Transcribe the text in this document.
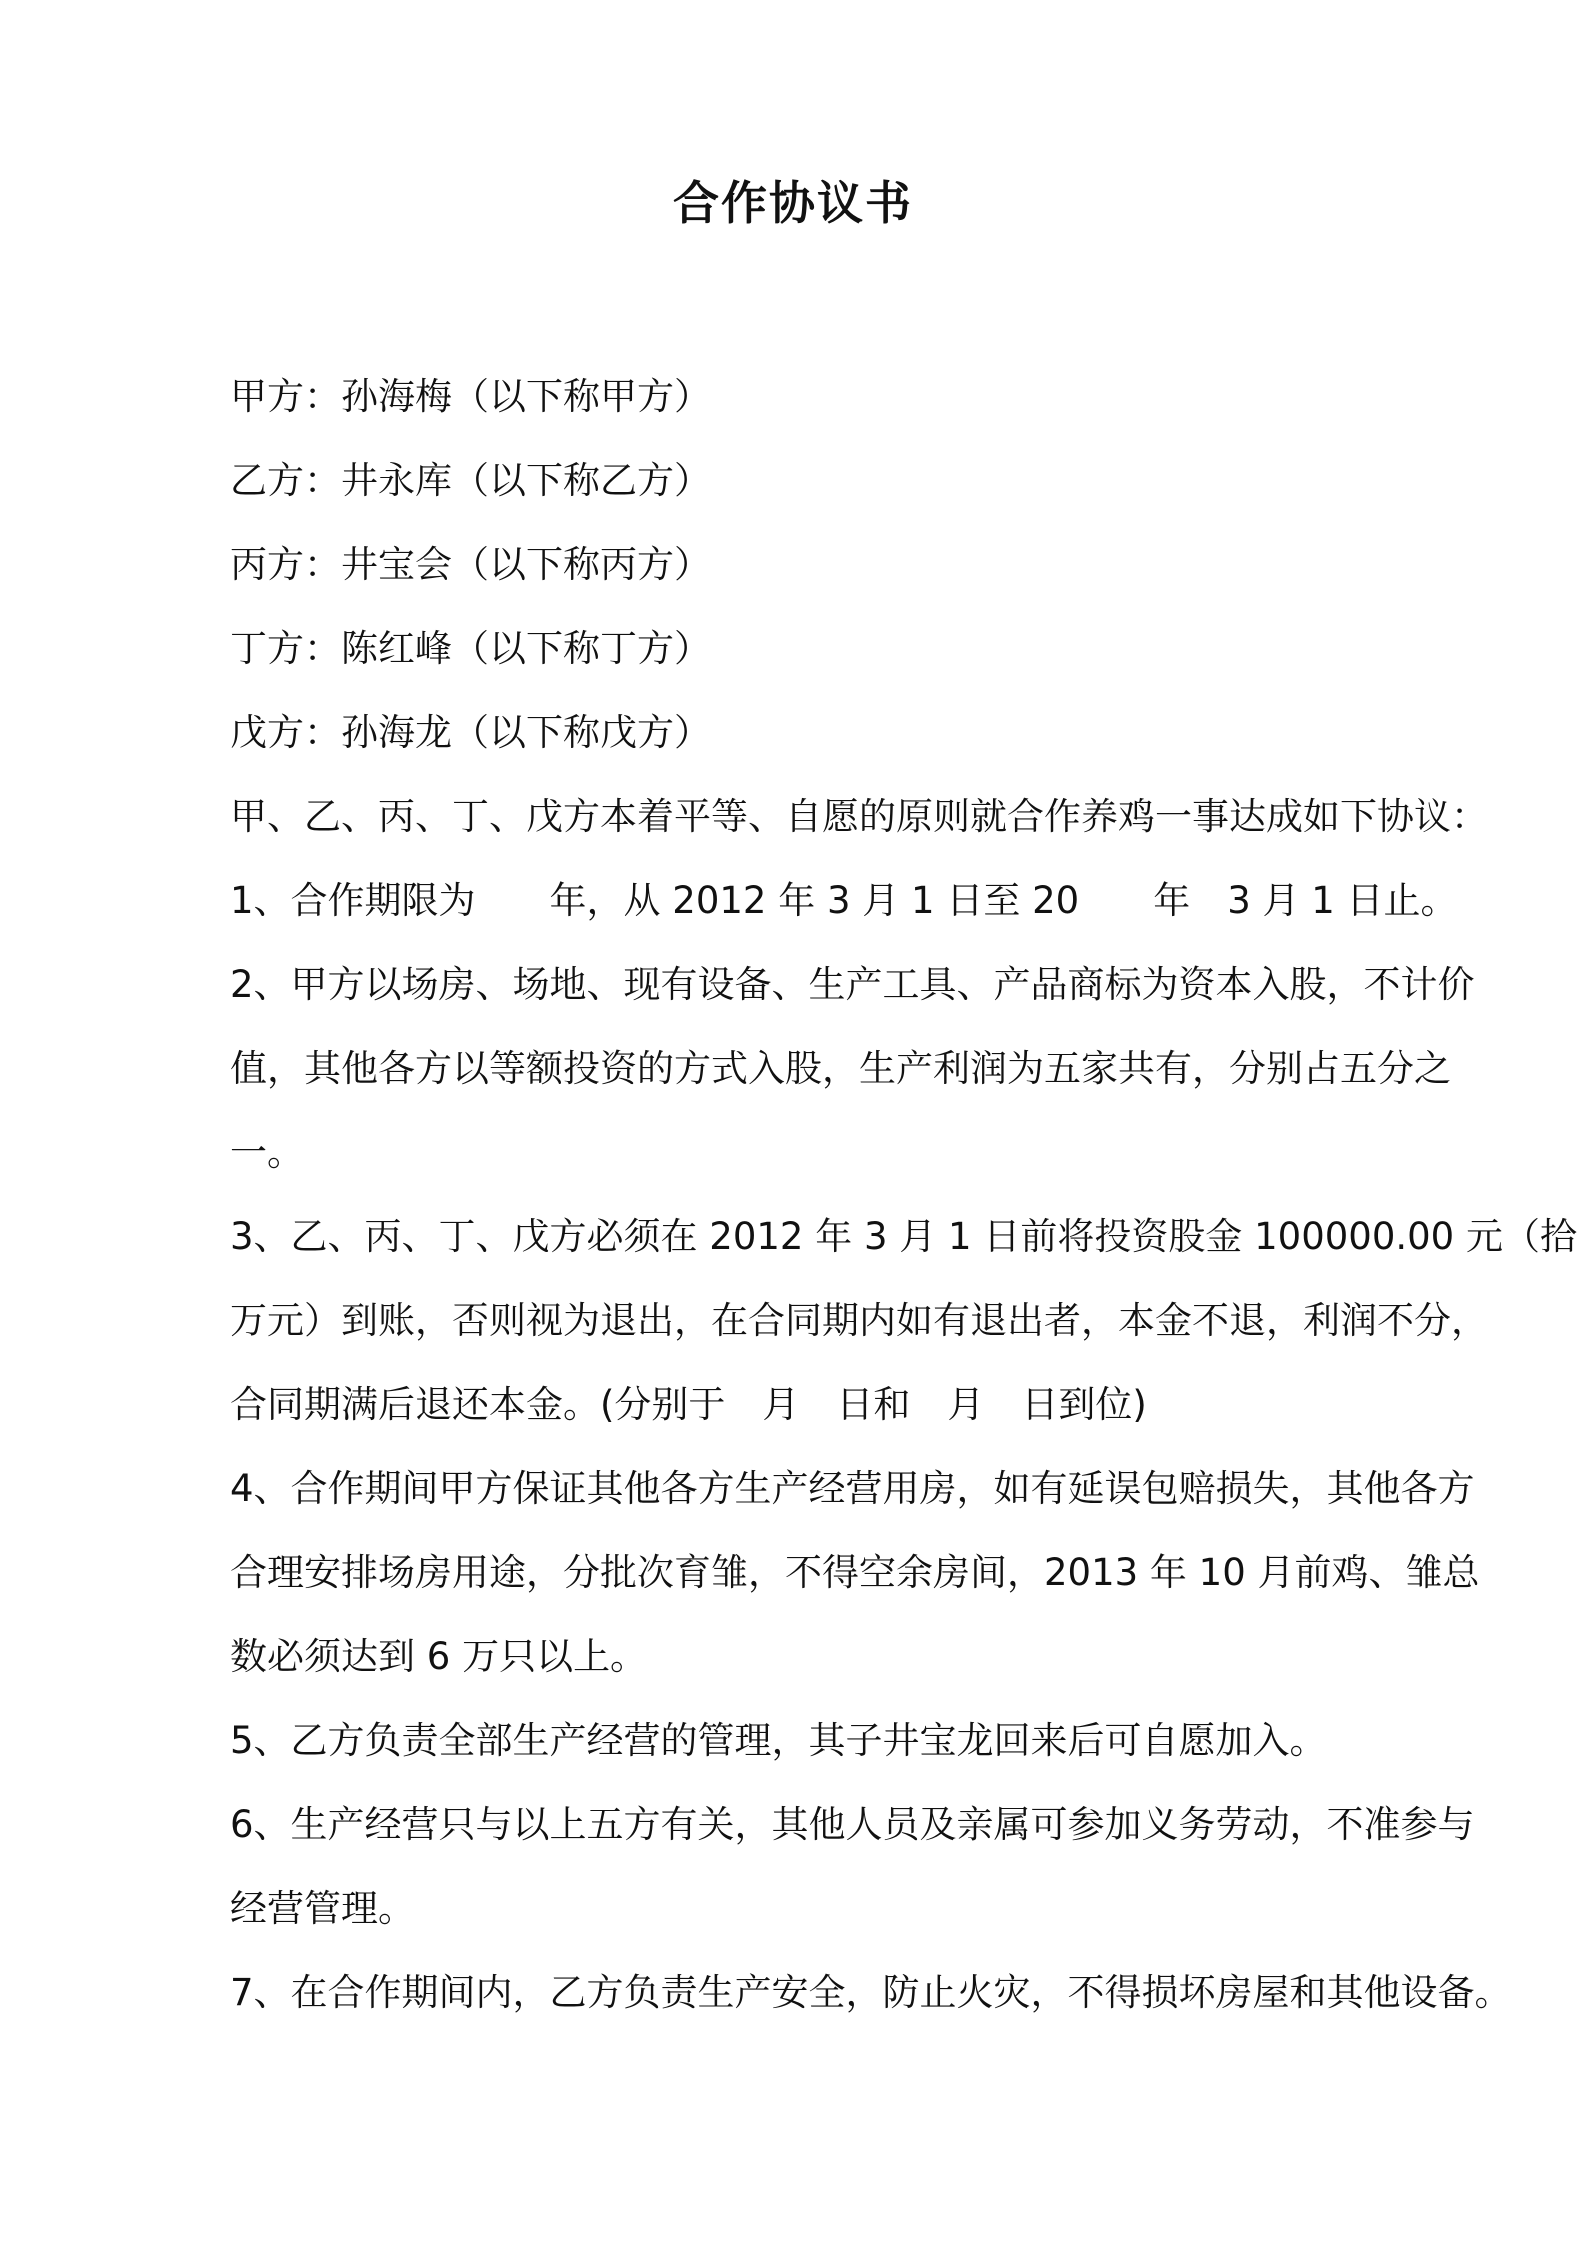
合作协议书
甲方：孙海梅（以下称甲方）
乙方：井永库（以下称乙方）
丙方：井宝会（以下称丙方）
丁方：陈红峰（以下称丁方）
戊方：孙海龙（以下称戊方）
甲、乙、丙、丁、戊方本着平等、自愿的原则就合作养鸡一事达成如下协议：
1、合作期限为　　年，从 2012 年 3 月 1 日至 20　　年　3 月 1 日止。
2、甲方以场房、场地、现有设备、生产工具、产品商标为资本入股，不计价
值，其他各方以等额投资的方式入股，生产利润为五家共有，分别占五分之
一。
3、乙、丙、丁、戊方必须在 2012 年 3 月 1 日前将投资股金 100000.00 元（拾
万元）到账，否则视为退出，在合同期内如有退出者，本金不退，利润不分，
合同期满后退还本金。(分别于　月　日和　月　日到位)
4、合作期间甲方保证其他各方生产经营用房，如有延误包赔损失，其他各方
合理安排场房用途，分批次育雏，不得空余房间，2013 年 10 月前鸡、雏总
数必须达到 6 万只以上。
5、乙方负责全部生产经营的管理，其子井宝龙回来后可自愿加入。
6、生产经营只与以上五方有关，其他人员及亲属可参加义务劳动，不准参与
经营管理。
7、在合作期间内，乙方负责生产安全，防止火灾，不得损坏房屋和其他设备。
